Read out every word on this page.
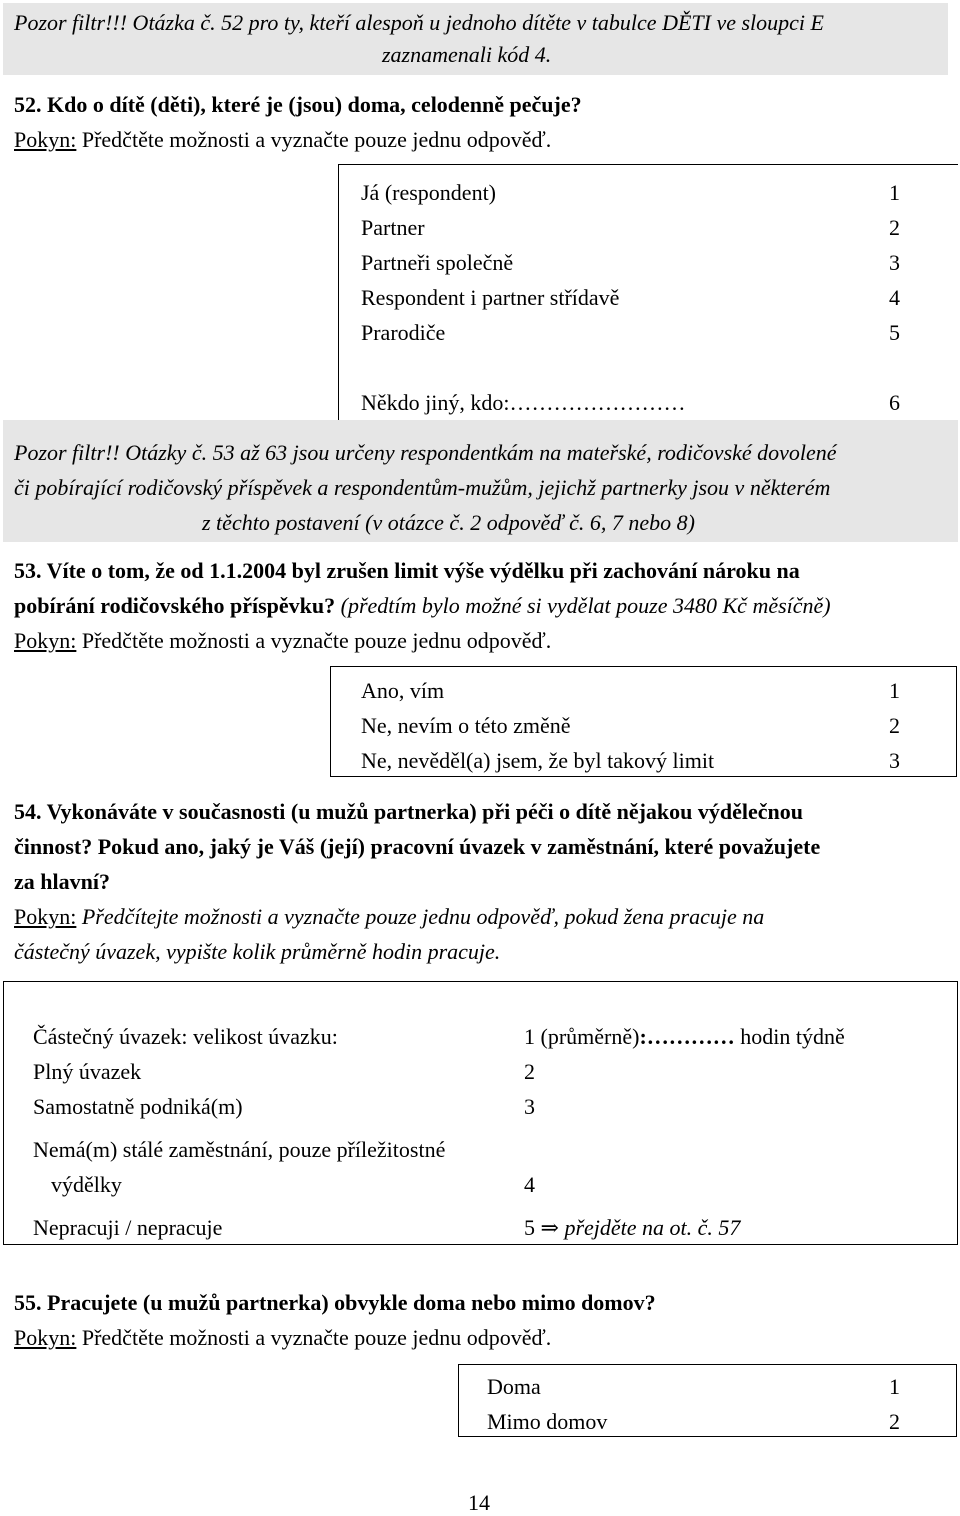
Pozor filtr!!! Otázka č. 52 pro ty, kteří alespoň u jednoho dítěte v tabulce DĚTI ve sloupci E
zaznamenali kód 4.
52. Kdo o dítě (děti), které je (jsou) doma, celodenně pečuje?
Pokyn: Předčtěte možnosti a vyznačte pouze jednu odpověď.
Já (respondent)	1
Partner	2
Partneři společně	3
Respondent i partner střídavě	4
Prarodiče	5
Někdo jiný, kdo:……………………	6
Pozor filtr!! Otázky č. 53 až 63 jsou určeny respondentkám na mateřské, rodičovské dovolené
či pobírající rodičovský příspěvek a respondentům-mužům, jejichž partnerky jsou v některém
z těchto postavení (v otázce č. 2 odpověď č. 6, 7 nebo 8)
53. Víte o tom, že od 1.1.2004 byl zrušen limit výše výdělku při zachování nároku na
pobírání rodičovského příspěvku? (předtím bylo možné si vydělat pouze 3480 Kč měsíčně)
Pokyn: Předčtěte možnosti a vyznačte pouze jednu odpověď.
Ano, vím	1
Ne, nevím o této změně	2
Ne, nevěděl(a) jsem, že byl takový limit	3
54. Vykonáváte v současnosti (u mužů partnerka) při péči o dítě nějakou výdělečnou
činnost? Pokud ano, jaký je Váš (její) pracovní úvazek v zaměstnání, které považujete
za hlavní?
Pokyn: Předčítejte možnosti a vyznačte pouze jednu odpověď, pokud žena pracuje na
částečný úvazek, vypište kolik průměrně hodin pracuje.
Částečný úvazek: velikost úvazku:	1 (průměrně):………… hodin týdně
Plný úvazek	2
Samostatně podniká(m)	3
Nemá(m) stálé zaměstnání, pouze příležitostné
výdělky	4
Nepracuji / nepracuje	5 ⇒ přejděte na ot. č. 57
55. Pracujete (u mužů partnerka) obvykle doma nebo mimo domov?
Pokyn: Předčtěte možnosti a vyznačte pouze jednu odpověď.
Doma	1
Mimo domov	2
14
